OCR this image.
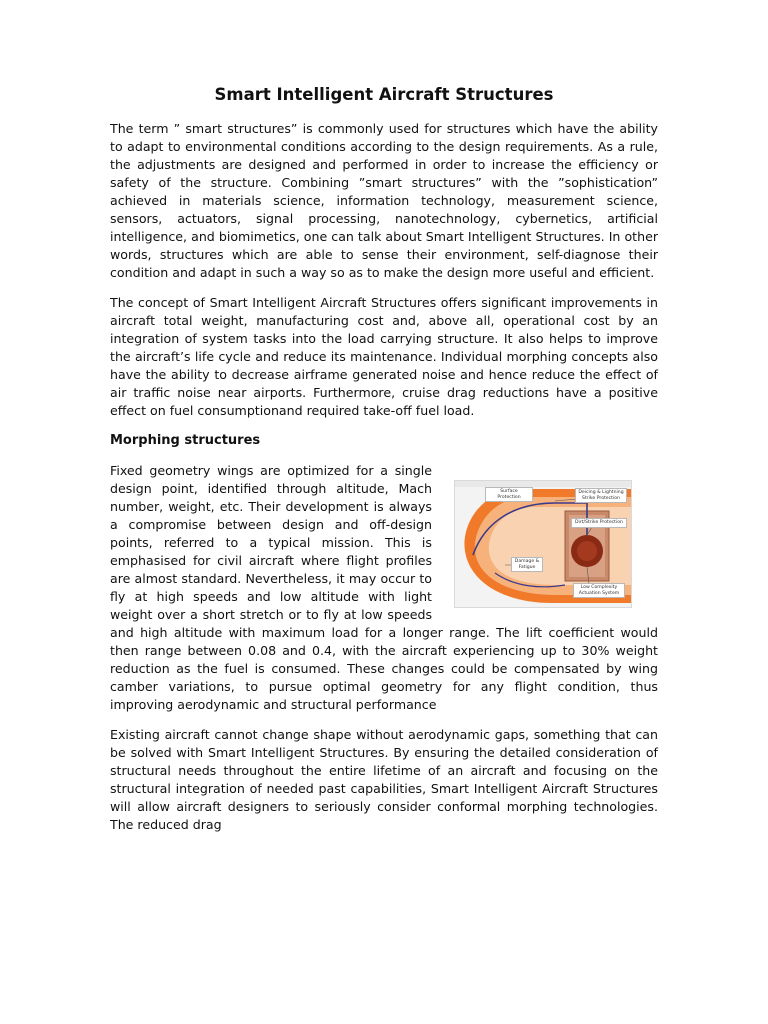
Smart Intelligent Aircraft Structures

The term ” smart structures” is commonly used for structures which have the ability to adapt to environmental conditions according to the design requirements. As a rule, the adjustments are designed and performed in order to increase the efficiency or safety of the structure. Combining ”smart structures” with the ”sophistication” achieved in materials science, information technology, measurement science, sensors, actuators, signal processing, nanotechnology, cybernetics, artificial intelligence, and biomimetics, one can talk about Smart Intelligent Structures. In other words, structures which are able to sense their environment, self-diagnose their condition and adapt in such a way so as to make the design more useful and efficient.

The concept of Smart Intelligent Aircraft Structures offers significant improvements in aircraft total weight, manufacturing cost and, above all, operational cost by an integration of system tasks into the load carrying structure. It also helps to improve the aircraft’s life cycle and reduce its maintenance. Individual morphing concepts also have the ability to decrease airframe generated noise and hence reduce the effect of air traffic noise near airports. Furthermore, cruise drag reductions have a positive effect on fuel consumptionand required take-off fuel load.

Morphing structures
Surface Protection
Deicing & Lightning Strike Protection
Dirt/Strike Protection
Damage & Fatigue
Low Complexity Actuation System

Fixed geometry wings are optimized for a single design point, identified through altitude, Mach number, weight, etc. Their development is always a compromise between design and off-design points, referred to a typical mission. This is emphasised for civil aircraft where flight profiles are almost standard. Nevertheless, it may occur to fly at high speeds and low altitude with light weight over a short stretch or to fly at low speeds and high altitude with maximum load for a longer range. The lift coefficient would then range between 0.08 and 0.4, with the aircraft experiencing up to 30% weight reduction as the fuel is consumed. These changes could be compensated by wing camber variations, to pursue optimal geometry for any flight condition, thus improving aerodynamic and structural performance

Existing aircraft cannot change shape without aerodynamic gaps, something that can be solved with Smart Intelligent Structures. By ensuring the detailed consideration of structural needs throughout the entire lifetime of an aircraft and focusing on the structural integration of needed past capabilities, Smart Intelligent Aircraft Structures will allow aircraft designers to seriously consider conformal morphing technologies. The reduced drag
